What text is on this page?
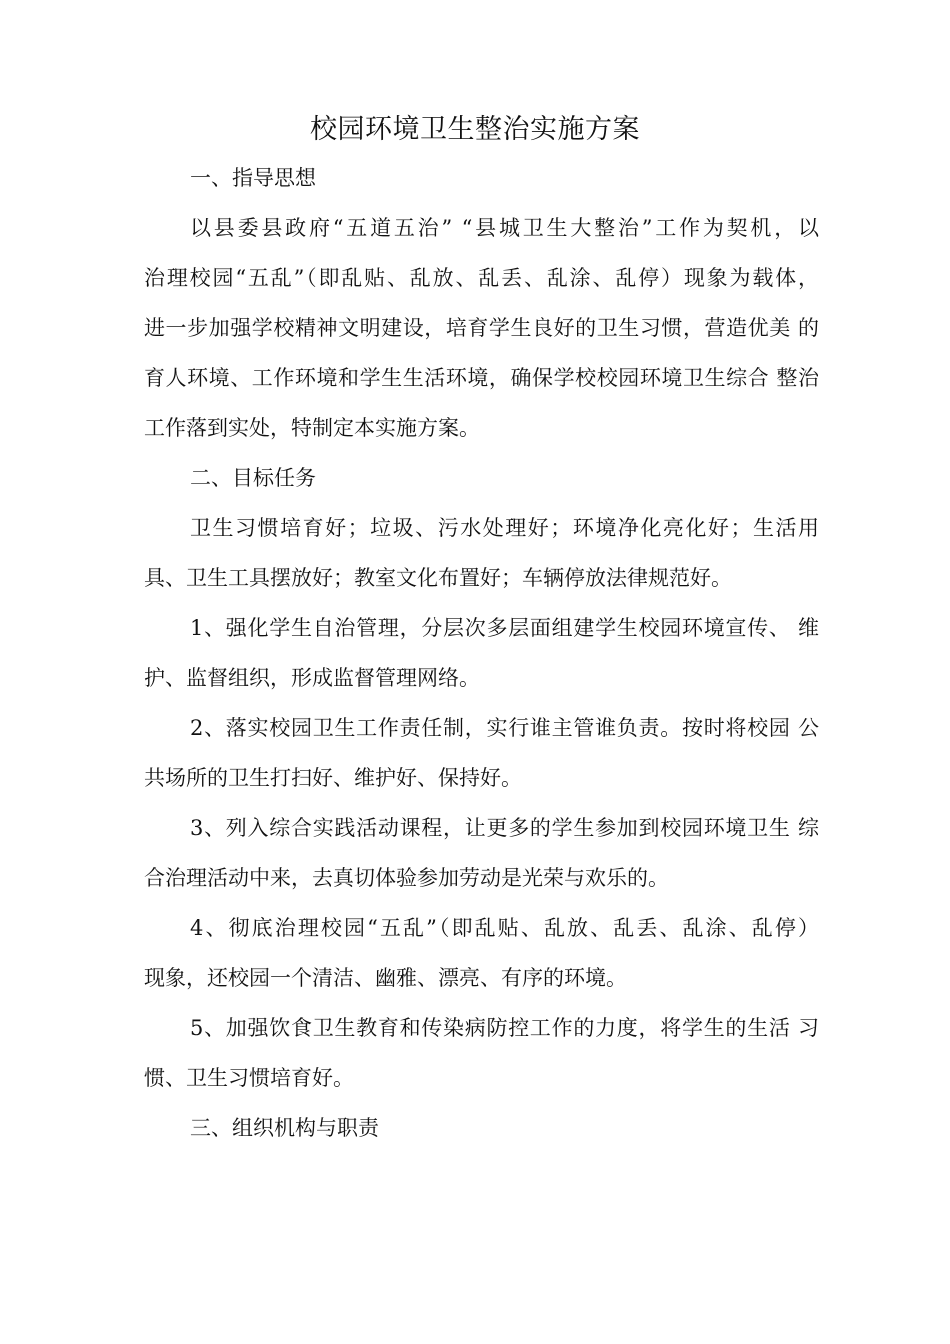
校园环境卫生整治实施方案
一、指导思想
以县委县政府“五道五治” “县城卫生大整治”工作为契机，以
治理校园“五乱”（即乱贴、乱放、乱丢、乱涂、乱停）现象为载体，
进一步加强学校精神文明建设，培育学生良好的卫生习惯，营造优美 的
育人环境、工作环境和学生生活环境，确保学校校园环境卫生综合 整治
工作落到实处，特制定本实施方案。
二、目标任务
卫生习惯培育好；垃圾、污水处理好；环境净化亮化好；生活用
具、卫生工具摆放好；教室文化布置好；车辆停放法律规范好。
1、强化学生自治管理，分层次多层面组建学生校园环境宣传、 维
护、监督组织，形成监督管理网络。
2、落实校园卫生工作责任制，实行谁主管谁负责。按时将校园 公
共场所的卫生打扫好、维护好、保持好。
3、列入综合实践活动课程，让更多的学生参加到校园环境卫生 综
合治理活动中来，去真切体验参加劳动是光荣与欢乐的。
4、彻底治理校园“五乱”（即乱贴、乱放、乱丢、乱涂、乱停）
现象，还校园一个清洁、幽雅、漂亮、有序的环境。
5、加强饮食卫生教育和传染病防控工作的力度，将学生的生活 习
惯、卫生习惯培育好。
三、组织机构与职责
